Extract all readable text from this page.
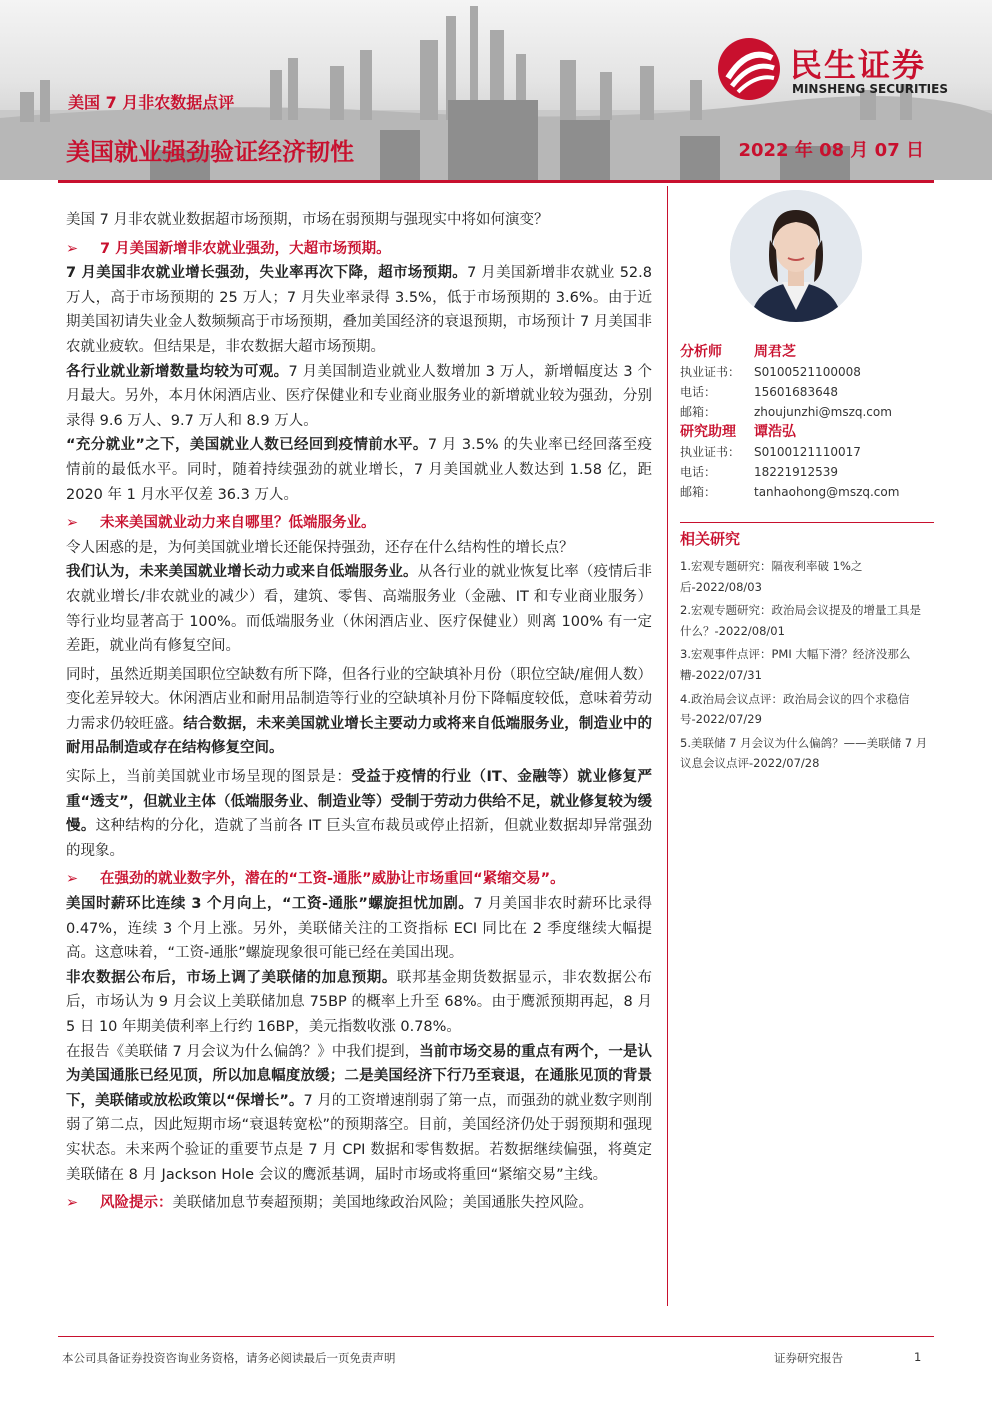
美国 7 月非农数据点评
美国就业强劲验证经济韧性	2022 年 08 月 07 日
民生证券
MINSHENG SECURITIES
美国 7 月非农就业数据超市场预期，市场在弱预期与强现实中将如何演变？
➢ 7 月美国新增非农就业强劲，大超市场预期。
7 月美国非农就业增长强劲，失业率再次下降，超市场预期。7 月美国新增非农就业 52.8 万人，高于市场预期的 25 万人；7 月失业率录得 3.5%，低于市场预期的 3.6%。由于近期美国初请失业金人数频频高于市场预期，叠加美国经济的衰退预期，市场预计 7 月美国非农就业疲软。但结果是，非农数据大超市场预期。
各行业就业新增数量均较为可观。7 月美国制造业就业人数增加 3 万人，新增幅度达 3 个月最大。另外，本月休闲酒店业、医疗保健业和专业商业服务业的新增就业较为强劲，分别录得 9.6 万人、9.7 万人和 8.9 万人。
“充分就业”之下，美国就业人数已经回到疫情前水平。7 月 3.5% 的失业率已经回落至疫情前的最低水平。同时，随着持续强劲的就业增长，7 月美国就业人数达到 1.58 亿，距 2020 年 1 月水平仅差 36.3 万人。
➢ 未来美国就业动力来自哪里？低端服务业。
令人困惑的是，为何美国就业增长还能保持强劲，还存在什么结构性的增长点？
我们认为，未来美国就业增长动力或来自低端服务业。从各行业的就业恢复比率（疫情后非农就业增长/非农就业的减少）看，建筑、零售、高端服务业（金融、IT 和专业商业服务）等行业均显著高于 100%。而低端服务业（休闲酒店业、医疗保健业）则离 100% 有一定差距，就业尚有修复空间。
同时，虽然近期美国职位空缺数有所下降，但各行业的空缺填补月份（职位空缺/雇佣人数）变化差异较大。休闲酒店业和耐用品制造等行业的空缺填补月份下降幅度较低，意味着劳动力需求仍较旺盛。结合数据，未来美国就业增长主要动力或将来自低端服务业，制造业中的耐用品制造或存在结构修复空间。
实际上，当前美国就业市场呈现的图景是：受益于疫情的行业（IT、金融等）就业修复严重“透支”，但就业主体（低端服务业、制造业等）受制于劳动力供给不足，就业修复较为缓慢。这种结构的分化，造就了当前各 IT 巨头宣布裁员或停止招新，但就业数据却异常强劲的现象。
➢ 在强劲的就业数字外，潜在的“工资-通胀”威胁让市场重回“紧缩交易”。
美国时薪环比连续 3 个月向上，“工资-通胀”螺旋担忧加剧。7 月美国非农时薪环比录得 0.47%，连续 3 个月上涨。另外，美联储关注的工资指标 ECI 同比在 2 季度继续大幅提高。这意味着，“工资-通胀”螺旋现象很可能已经在美国出现。
非农数据公布后，市场上调了美联储的加息预期。联邦基金期货数据显示，非农数据公布后，市场认为 9 月会议上美联储加息 75BP 的概率上升至 68%。由于鹰派预期再起，8 月 5 日 10 年期美债利率上行约 16BP，美元指数收涨 0.78%。
在报告《美联储 7 月会议为什么偏鸽？》中我们提到，当前市场交易的重点有两个，一是认为美国通胀已经见顶，所以加息幅度放缓；二是美国经济下行乃至衰退，在通胀见顶的背景下，美联储或放松政策以“保增长”。7 月的工资增速削弱了第一点，而强劲的就业数字则削弱了第二点，因此短期市场“衰退转宽松”的预期落空。目前，美国经济仍处于弱预期和强现实状态。未来两个验证的重要节点是 7 月 CPI 数据和零售数据。若数据继续偏强，将奠定美联储在 8 月 Jackson Hole 会议的鹰派基调，届时市场或将重回“紧缩交易”主线。
➢ 风险提示：美联储加息节奏超预期；美国地缘政治风险；美国通胀失控风险。
分析师 周君芝
执业证书： S0100521100008
电话：	15601683648
邮箱：	zhoujunzhi@mszq.com
研究助理 谭浩弘
执业证书： S0100121110017
电话：	18221912539
邮箱：	tanhaohong@mszq.com
相关研究
1.宏观专题研究：隔夜利率破 1%之后-2022/08/03
2.宏观专题研究：政治局会议提及的增量工具是什么？-2022/08/01
3.宏观事件点评：PMI 大幅下滑？经济没那么糟-2022/07/31
4.政治局会议点评：政治局会议的四个求稳信号-2022/07/29
5.美联储 7 月会议为什么偏鸽？——美联储 7 月议息会议点评-2022/07/28
本公司具备证券投资咨询业务资格，请务必阅读最后一页免责声明	证券研究报告	1
